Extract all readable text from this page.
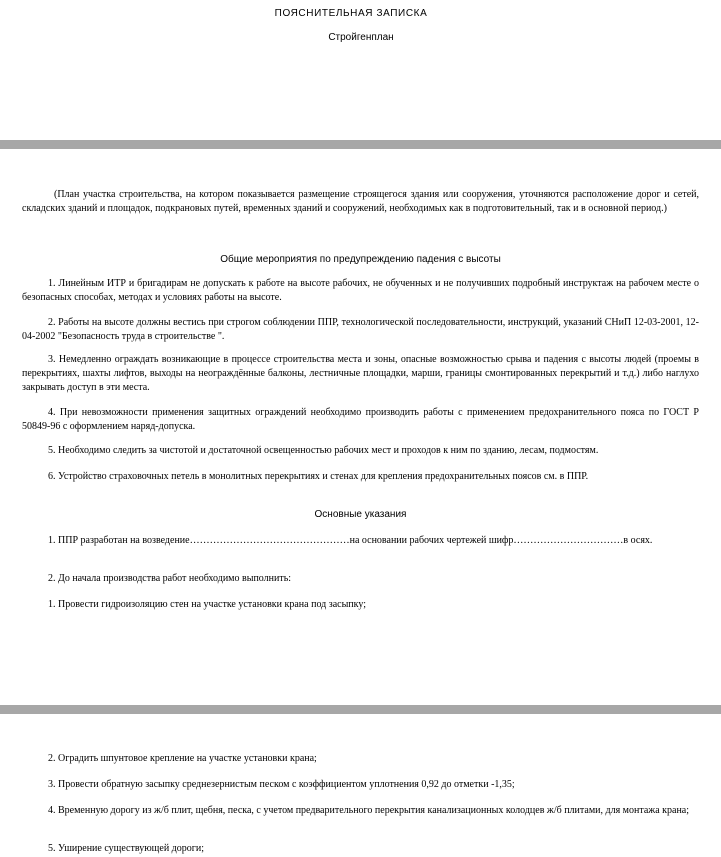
ПОЯСНИТЕЛЬНАЯ ЗАПИСКА
Стройгенплан

(План участка строительства, на котором показывается размещение строящегося здания или сооружения, уточняются расположение дорог и сетей, складских зданий и площадок, подкрановых путей, временных зданий и сооружений, необходимых как в подготовительный, так и в основной период.)

Общие мероприятия по предупреждению падения с высоты

1. Линейным ИТР и бригадирам не допускать к работе на высоте рабочих, не обученных и не получивших подробный инструктаж на рабочем месте о безопасных способах, методах и условиях работы на высоте.

2. Работы на высоте должны вестись при строгом соблюдении ППР, технологической последовательности, инструкций, указаний СНиП 12-03-2001, 12-04-2002 "Безопасность труда в строительстве ".

3. Немедленно ограждать возникающие в процессе строительства места и зоны, опасные возможностью срыва и падения с высоты людей (проемы в перекрытиях, шахты лифтов, выходы на неограждённые балконы, лестничные площадки, марши, границы смонтированных перекрытий и т.д.) либо наглухо закрывать доступ в эти места.

4. При невозможности применения защитных ограждений необходимо производить работы с применением предохранительного пояса по ГОСТ Р 50849-96 с оформлением наряд-допуска.

5. Необходимо следить за чистотой и достаточной освещенностью рабочих мест и проходов к ним по зданию, лесам, подмостям.

6. Устройство страховочных петель в монолитных перекрытиях и стенах для крепления предохранительных поясов см. в ППР.

Основные указания

1. ППР разработан на возведение…………………………………………на основании рабочих чертежей шифр……………………………в осях.

2. До начала производства работ необходимо выполнить:

1. Провести гидроизоляцию стен на участке установки крана под засыпку;

2. Оградить шпунтовое крепление на участке установки крана;

3. Провести обратную засыпку среднезернистым песком с коэффициентом уплотнения 0,92 до отметки -1,35;

4. Временную дорогу из ж/б плит, щебня, песка, с учетом предварительного перекрытия канализационных колодцев ж/б плитами, для монтажа крана;

5. Уширение существующей дороги;
